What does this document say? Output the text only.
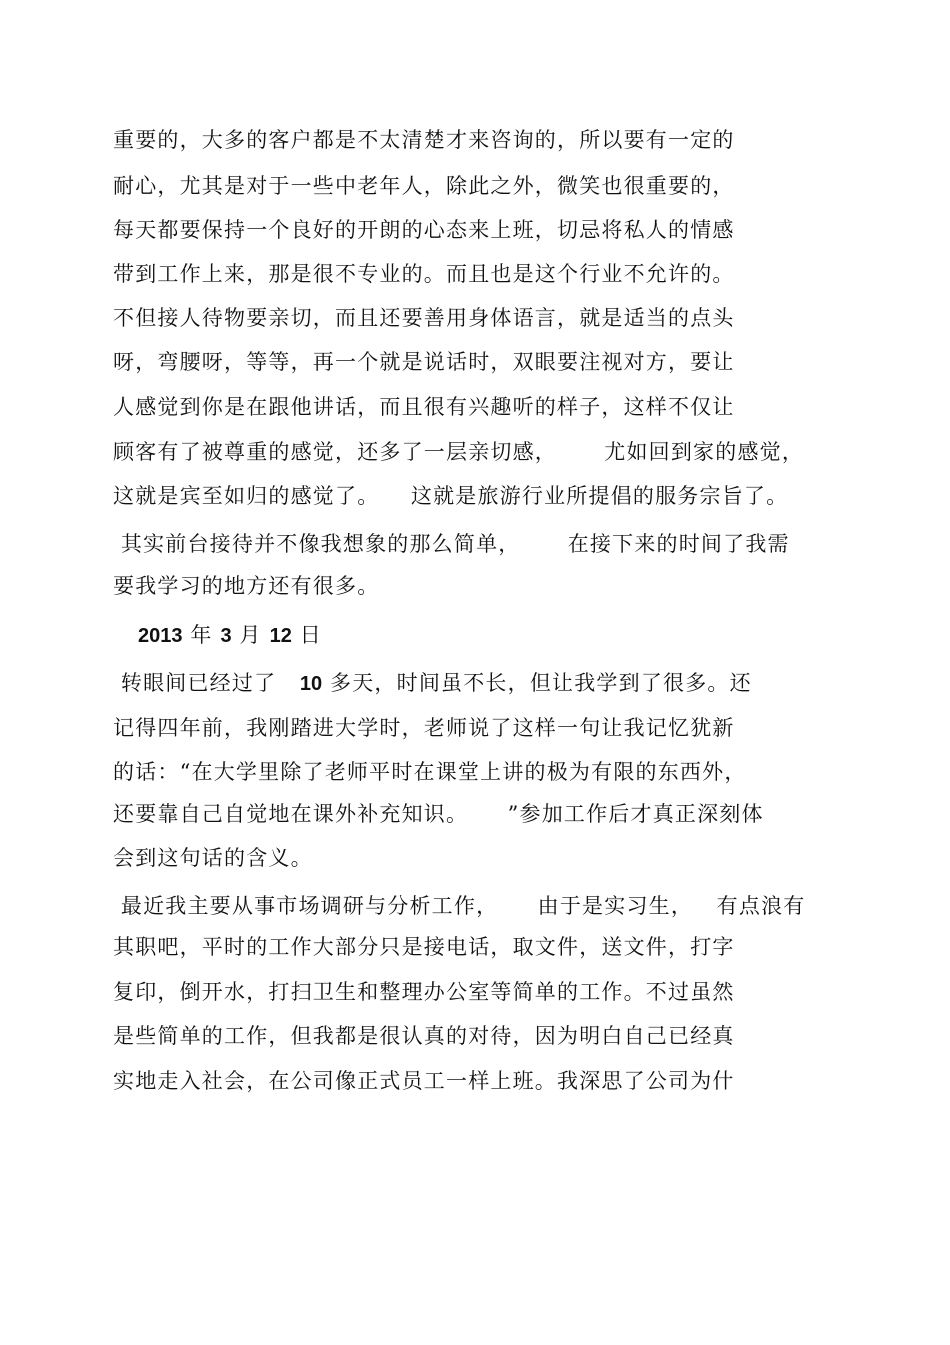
重要的，大多的客户都是不太清楚才来咨询的，所以要有一定的
耐心，尤其是对于一些中老年人，除此之外，微笑也很重要的，
每天都要保持一个良好的开朗的心态来上班，切忌将私人的情感
带到工作上来，那是很不专业的。而且也是这个行业不允许的。
不但接人待物要亲切，而且还要善用身体语言，就是适当的点头
呀，弯腰呀，等等，再一个就是说话时，双眼要注视对方，要让
人感觉到你是在跟他讲话，而且很有兴趣听的样子，这样不仅让
顾客有了被尊重的感觉，还多了一层亲切感，      尤如回到家的感觉，
这就是宾至如归的感觉了。    这就是旅游行业所提倡的服务宗旨了。
其实前台接待并不像我想象的那么简单，      在接下来的时间了我需
要我学习的地方还有很多。
2013 年 3 月 12 日
转眼间已经过了   10 多天，时间虽不长，但让我学到了很多。还
记得四年前，我刚踏进大学时，老师说了这样一句让我记忆犹新
的话：“在大学里除了老师平时在课堂上讲的极为有限的东西外，
还要靠自己自觉地在课外补充知识。     ”参加工作后才真正深刻体
会到这句话的含义。
最近我主要从事市场调研与分析工作，     由于是实习生，   有点浪有
其职吧，平时的工作大部分只是接电话，取文件，送文件，打字
复印，倒开水，打扫卫生和整理办公室等简单的工作。不过虽然
是些简单的工作，但我都是很认真的对待，因为明白自己已经真
实地走入社会，在公司像正式员工一样上班。我深思了公司为什
